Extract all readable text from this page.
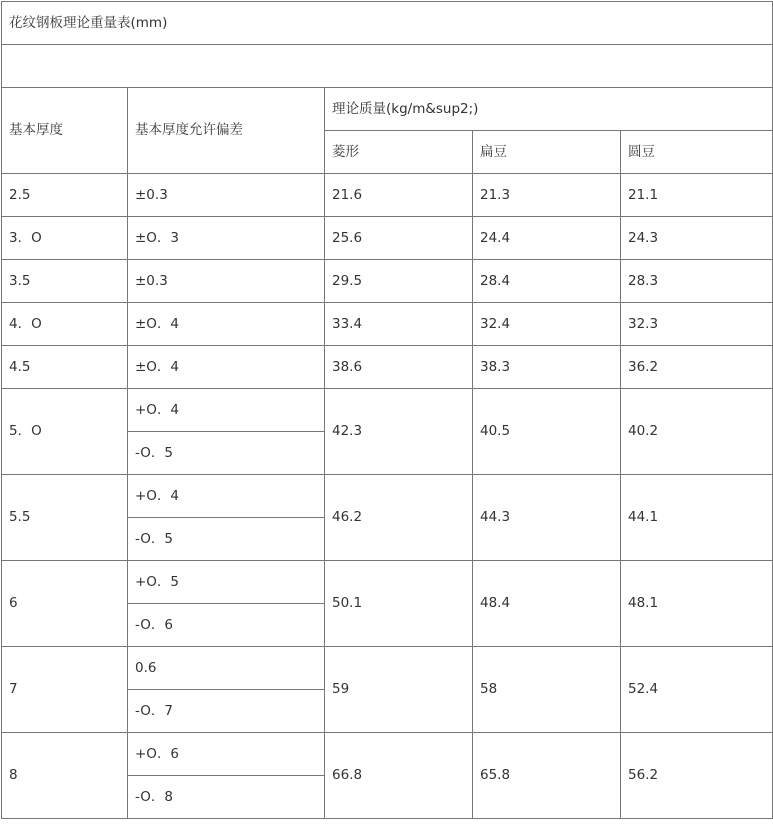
花纹钢板理论重量表(mm)				

基本厚度	基本厚度允许偏差	理论质量(kg/m&sup2;)		
		菱形	扁豆	圆豆
2.5	±0.3	21.6	21.3	21.1
3．O	±O．3	25.6	24.4	24.3
3.5	±0.3	29.5	28.4	28.3
4．O	±O．4	33.4	32.4	32.3
4.5	±O．4	38.6	38.3	36.2
5．O	+O．4	42.3	40.5	40.2
	-O．5			
5.5	+O．4	46.2	44.3	44.1
	-O．5			
6	+O．5	50.1	48.4	48.1
	-O．6			
7	0.6	59	58	52.4
	-O．7			
8	+O．6	66.8	65.8	56.2
	-O．8			
